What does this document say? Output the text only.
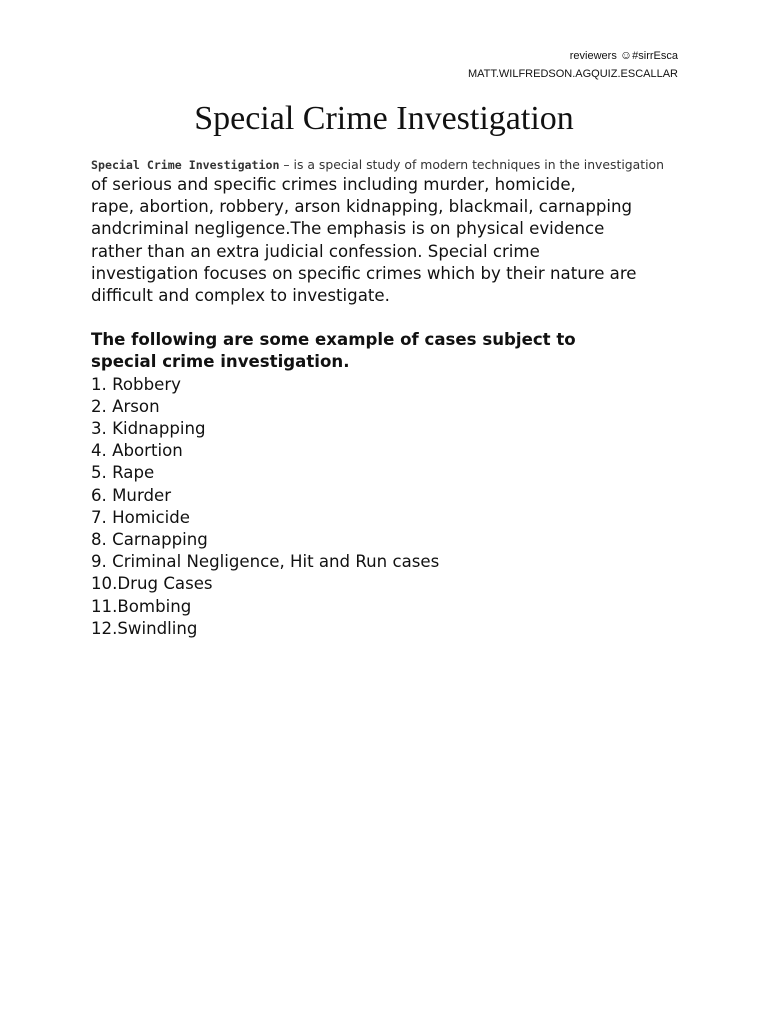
reviewers ☺#sirrEsca
MATT.WILFREDSON.AGQUIZ.ESCALLAR
Special Crime Investigation
Special Crime Investigation – is a special study of modern techniques in the investigation
of serious and specific crimes including murder, homicide,
rape, abortion, robbery, arson kidnapping, blackmail, carnapping
andcriminal negligence.The emphasis is on physical evidence
rather than an extra judicial confession. Special crime
investigation focuses on specific crimes which by their nature are
difficult and complex to investigate.
The following are some example of cases subject to
special crime investigation.
1. Robbery
2. Arson
3. Kidnapping
4. Abortion
5. Rape
6. Murder
7. Homicide
8. Carnapping
9. Criminal Negligence, Hit and Run cases
10.Drug Cases
11.Bombing
12.Swindling
